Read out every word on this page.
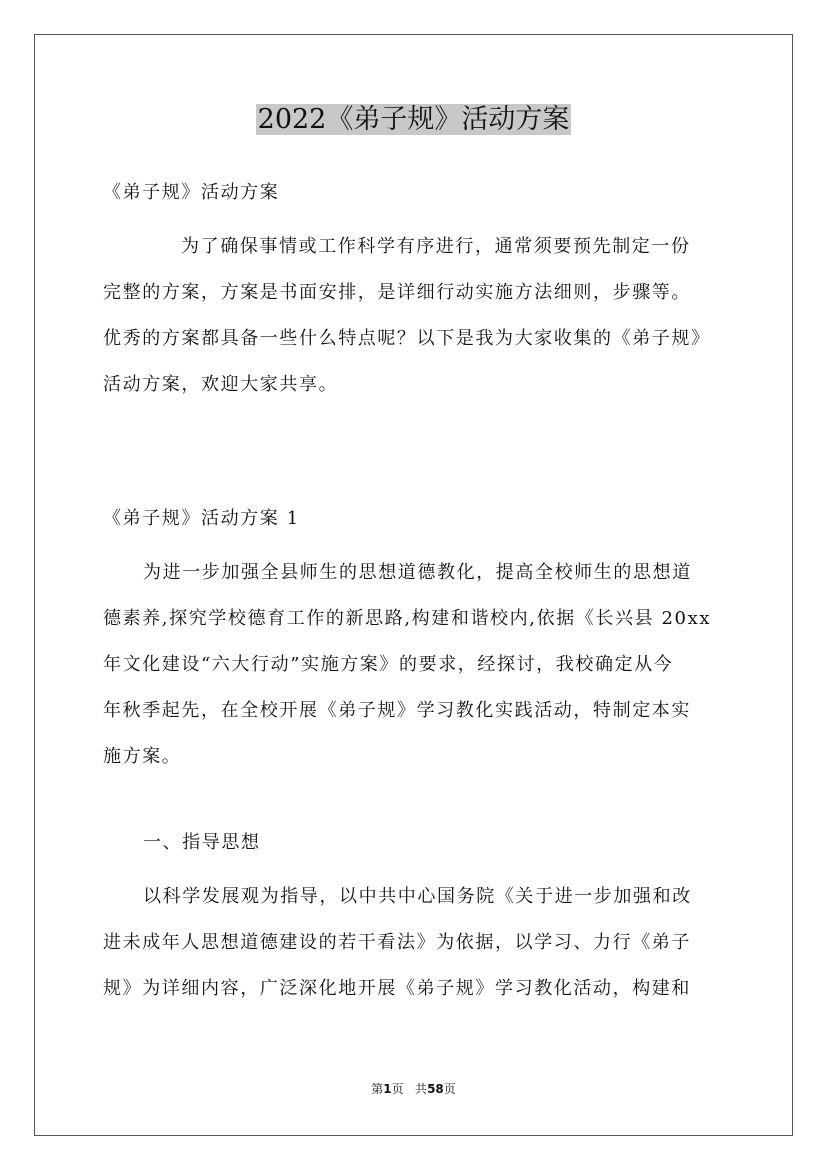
2022《弟子规》活动方案
《弟子规》活动方案
为了确保事情或工作科学有序进行，通常须要预先制定一份
完整的方案，方案是书面安排，是详细行动实施方法细则，步骤等。
优秀的方案都具备一些什么特点呢？以下是我为大家收集的《弟子规》
活动方案，欢迎大家共享。
《弟子规》活动方案 1
为进一步加强全县师生的思想道德教化，提高全校师生的思想道
德素养,探究学校德育工作的新思路,构建和谐校内,依据《长兴县 20xx
年文化建设“六大行动”实施方案》的要求，经探讨，我校确定从今
年秋季起先，在全校开展《弟子规》学习教化实践活动，特制定本实
施方案。
一、指导思想
以科学发展观为指导，以中共中心国务院《关于进一步加强和改
进未成年人思想道德建设的若干看法》为依据，以学习、力行《弟子
规》为详细内容，广泛深化地开展《弟子规》学习教化活动，构建和
第1页 共58页
